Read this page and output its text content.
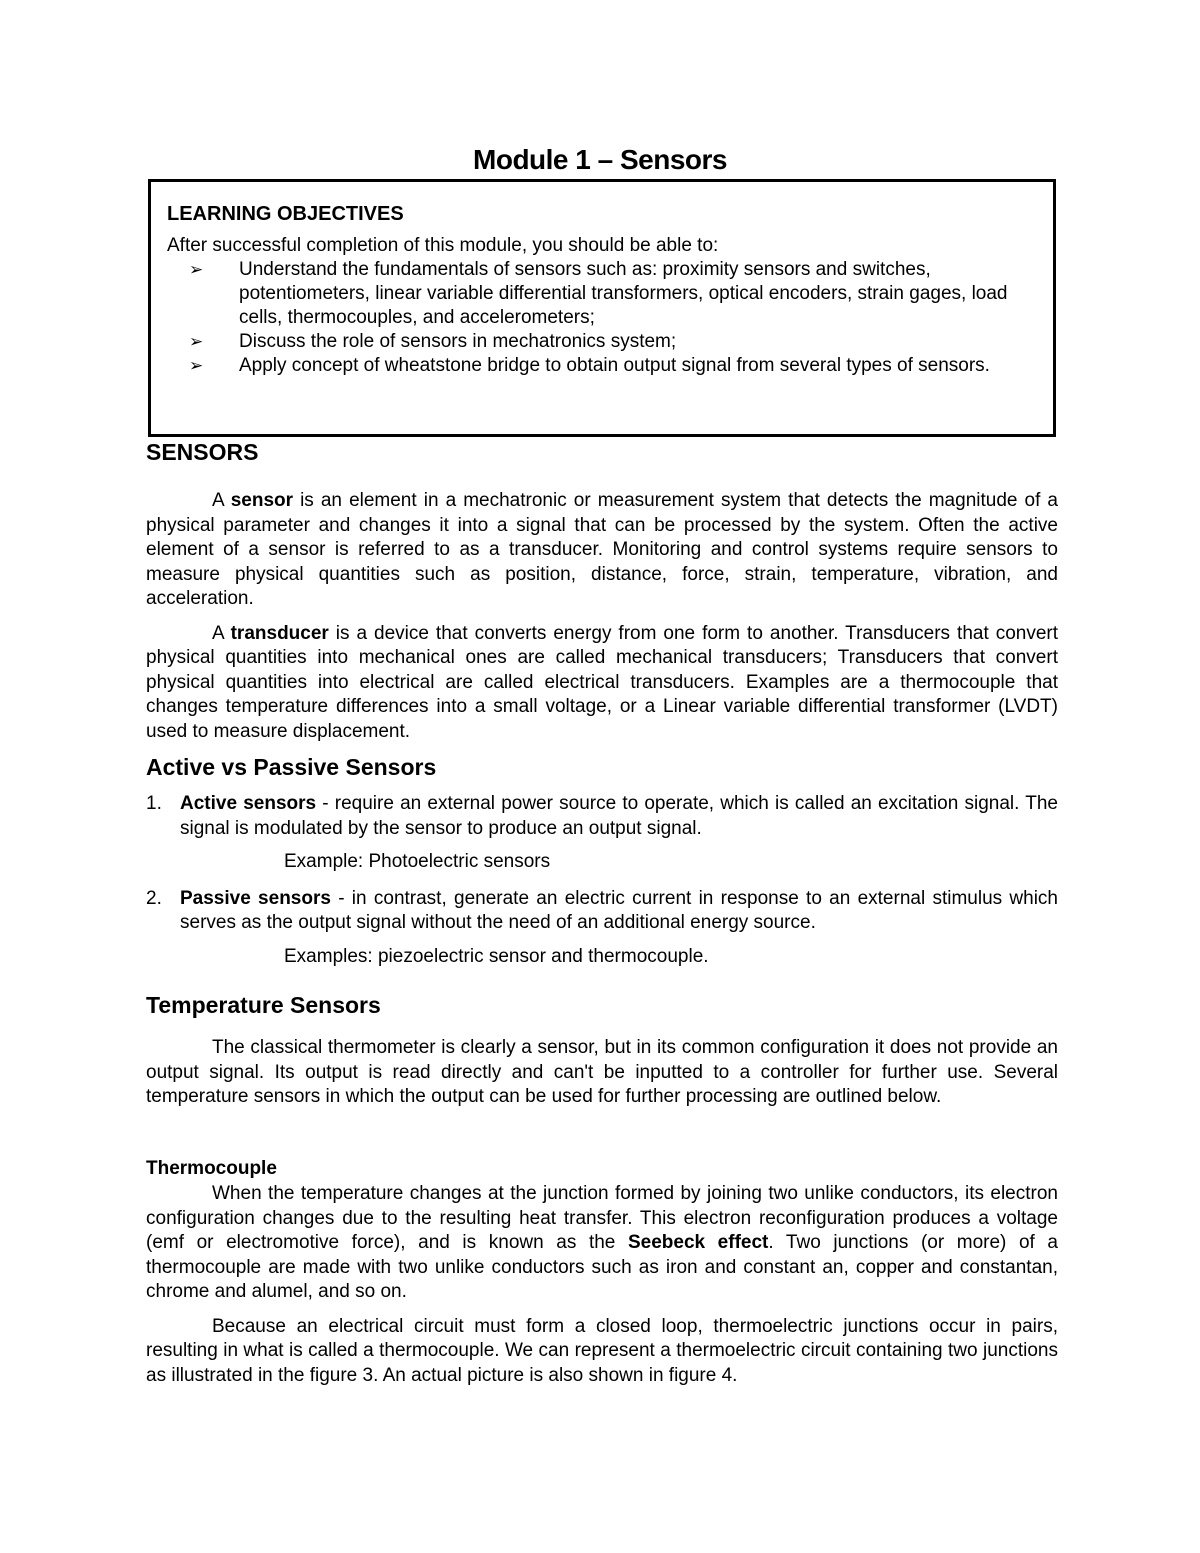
Module 1 – Sensors

LEARNING OBJECTIVES

After successful completion of this module, you should be able to:

➢ Understand the fundamentals of sensors such as: proximity sensors and switches, potentiometers, linear variable differential transformers, optical encoders, strain gages, load cells, thermocouples, and accelerometers;
➢ Discuss the role of sensors in mechatronics system;
➢ Apply concept of wheatstone bridge to obtain output signal from several types of sensors.

SENSORS

A sensor is an element in a mechatronic or measurement system that detects the magnitude of a physical parameter and changes it into a signal that can be processed by the system. Often the active element of a sensor is referred to as a transducer. Monitoring and control systems require sensors to measure physical quantities such as position, distance, force, strain, temperature, vibration, and acceleration.

A transducer is a device that converts energy from one form to another. Transducers that convert physical quantities into mechanical ones are called mechanical transducers; Transducers that convert physical quantities into electrical are called electrical transducers. Examples are a thermocouple that changes temperature differences into a small voltage, or a Linear variable differential transformer (LVDT) used to measure displacement.

Active vs Passive Sensors

1. Active sensors - require an external power source to operate, which is called an excitation signal. The signal is modulated by the sensor to produce an output signal.

Example: Photoelectric sensors

2. Passive sensors - in contrast, generate an electric current in response to an external stimulus which serves as the output signal without the need of an additional energy source.

Examples: piezoelectric sensor and thermocouple.

Temperature Sensors

The classical thermometer is clearly a sensor, but in its common configuration it does not provide an output signal. Its output is read directly and can't be inputted to a controller for further use. Several temperature sensors in which the output can be used for further processing are outlined below.

Thermocouple

When the temperature changes at the junction formed by joining two unlike conductors, its electron configuration changes due to the resulting heat transfer. This electron reconfiguration produces a voltage (emf or electromotive force), and is known as the Seebeck effect. Two junctions (or more) of a thermocouple are made with two unlike conductors such as iron and constant an, copper and constantan, chrome and alumel, and so on.

Because an electrical circuit must form a closed loop, thermoelectric junctions occur in pairs, resulting in what is called a thermocouple. We can represent a thermoelectric circuit containing two junctions as illustrated in the figure 3. An actual picture is also shown in figure 4.
